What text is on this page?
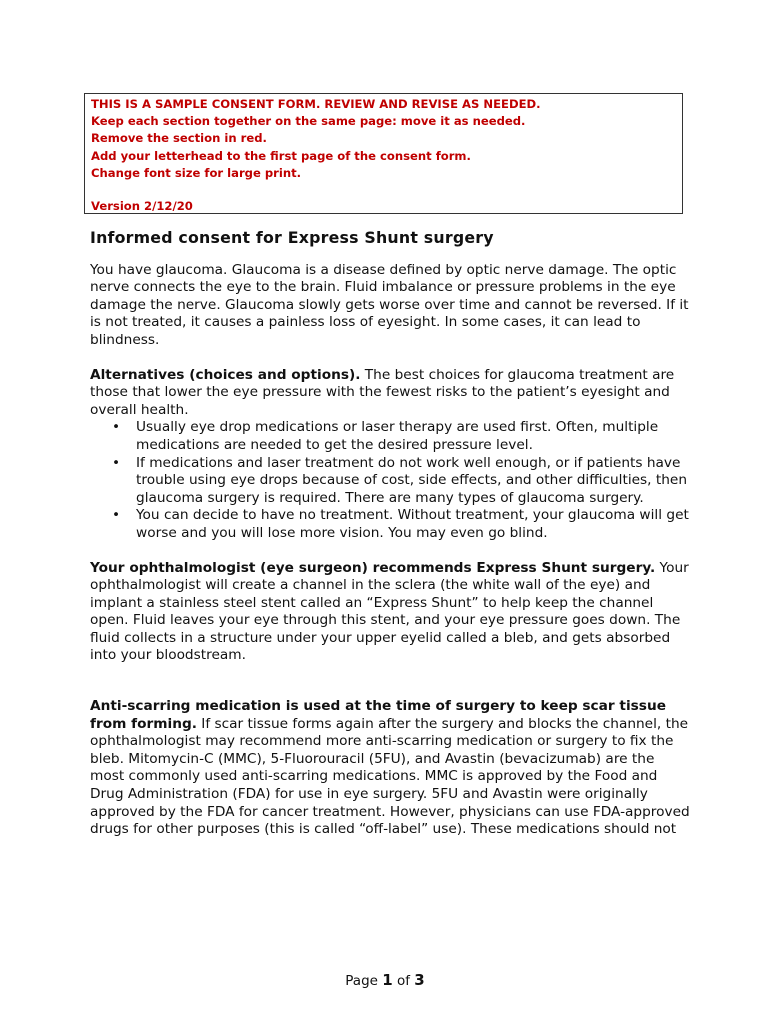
THIS IS A SAMPLE CONSENT FORM. REVIEW AND REVISE AS NEEDED.
Keep each section together on the same page: move it as needed.
Remove the section in red.
Add your letterhead to the first page of the consent form.
Change font size for large print.
Version 2/12/20
Informed consent for Express Shunt surgery

You have glaucoma. Glaucoma is a disease defined by optic nerve damage. The optic nerve connects the eye to the brain. Fluid imbalance or pressure problems in the eye damage the nerve. Glaucoma slowly gets worse over time and cannot be reversed. If it is not treated, it causes a painless loss of eyesight. In some cases, it can lead to blindness.

Alternatives (choices and options). The best choices for glaucoma treatment are those that lower the eye pressure with the fewest risks to the patient’s eyesight and overall health.

• Usually eye drop medications or laser therapy are used first. Often, multiple medications are needed to get the desired pressure level.
• If medications and laser treatment do not work well enough, or if patients have trouble using eye drops because of cost, side effects, and other difficulties, then glaucoma surgery is required. There are many types of glaucoma surgery.
• You can decide to have no treatment. Without treatment, your glaucoma will get worse and you will lose more vision. You may even go blind.

Your ophthalmologist (eye surgeon) recommends Express Shunt surgery. Your ophthalmologist will create a channel in the sclera (the white wall of the eye) and implant a stainless steel stent called an “Express Shunt” to help keep the channel open. Fluid leaves your eye through this stent, and your eye pressure goes down. The fluid collects in a structure under your upper eyelid called a bleb, and gets absorbed into your bloodstream.

Anti-scarring medication is used at the time of surgery to keep scar tissue from forming. If scar tissue forms again after the surgery and blocks the channel, the ophthalmologist may recommend more anti-scarring medication or surgery to fix the bleb. Mitomycin-C (MMC), 5-Fluorouracil (5FU), and Avastin (bevacizumab) are the most commonly used anti-scarring medications. MMC is approved by the Food and Drug Administration (FDA) for use in eye surgery. 5FU and Avastin were originally approved by the FDA for cancer treatment. However, physicians can use FDA-approved drugs for other purposes (this is called “off-label” use). These medications should not

Page 1 of 3
